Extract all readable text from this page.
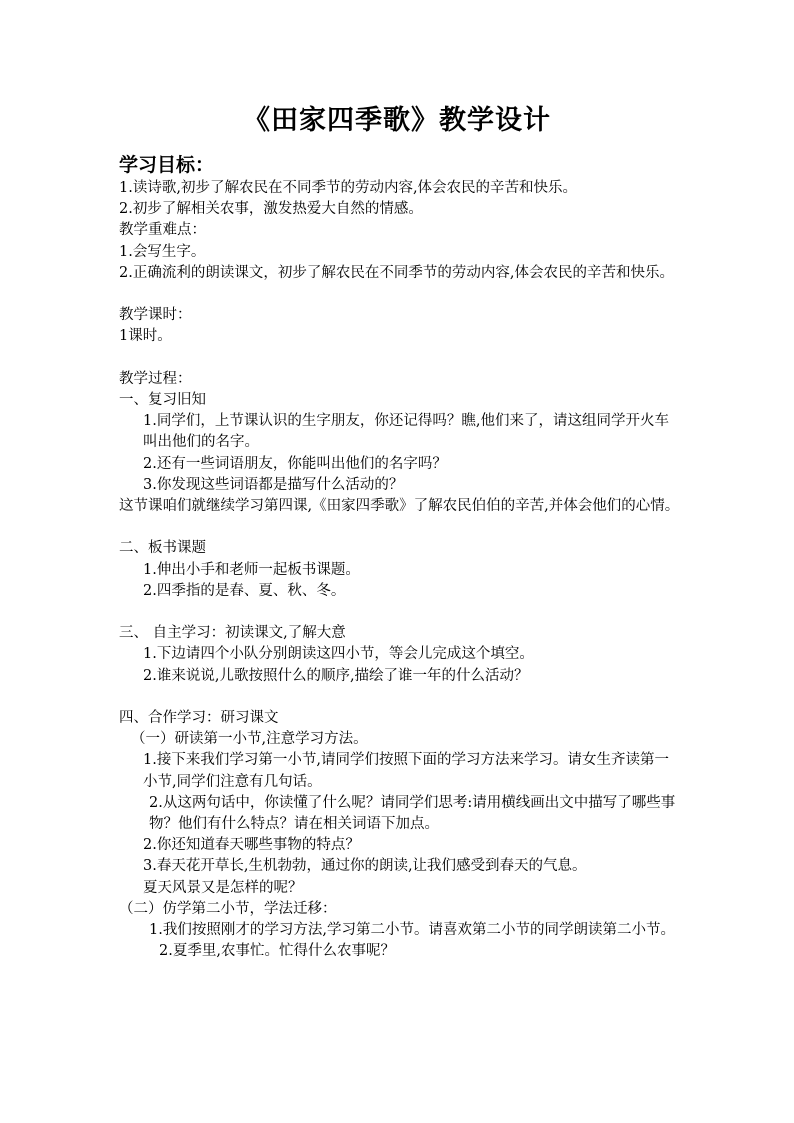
《田家四季歌》教学设计
学习目标：

1.读诗歌,初步了解农民在不同季节的劳动内容,体会农民的辛苦和快乐。

2.初步了解相关农事，激发热爱大自然的情感。

教学重难点：

1.会写生字。

2.正确流利的朗读课文，初步了解农民在不同季节的劳动内容,体会农民的辛苦和快乐。

教学课时：

1课时。

教学过程：

一、复习旧知

1.同学们，上节课认识的生字朋友，你还记得吗？瞧,他们来了，请这组同学开火车叫出他们的名字。

2.还有一些词语朋友，你能叫出他们的名字吗？

3.你发现这些词语都是描写什么活动的？

这节课咱们就继续学习第四课,《田家四季歌》了解农民伯伯的辛苦,并体会他们的心情。

二、板书课题

1.伸出小手和老师一起板书课题。

2.四季指的是春、夏、秋、冬。

三、 自主学习：初读课文,了解大意

1.下边请四个小队分别朗读这四小节，等会儿完成这个填空。

2.谁来说说,儿歌按照什么的顺序,描绘了谁一年的什么活动？

四、合作学习：研习课文

（一）研读第一小节,注意学习方法。

1.接下来我们学习第一小节,请同学们按照下面的学习方法来学习。请女生齐读第一小节,同学们注意有几句话。

2.从这两句话中，你读懂了什么呢？请同学们思考:请用横线画出文中描写了哪些事物？他们有什么特点？请在相关词语下加点。

2.你还知道春天哪些事物的特点？

3.春天花开草长,生机勃勃，通过你的朗读,让我们感受到春天的气息。

夏天风景又是怎样的呢？

（二）仿学第二小节，学法迁移：

1.我们按照刚才的学习方法,学习第二小节。请喜欢第二小节的同学朗读第二小节。

2.夏季里,农事忙。忙得什么农事呢？
